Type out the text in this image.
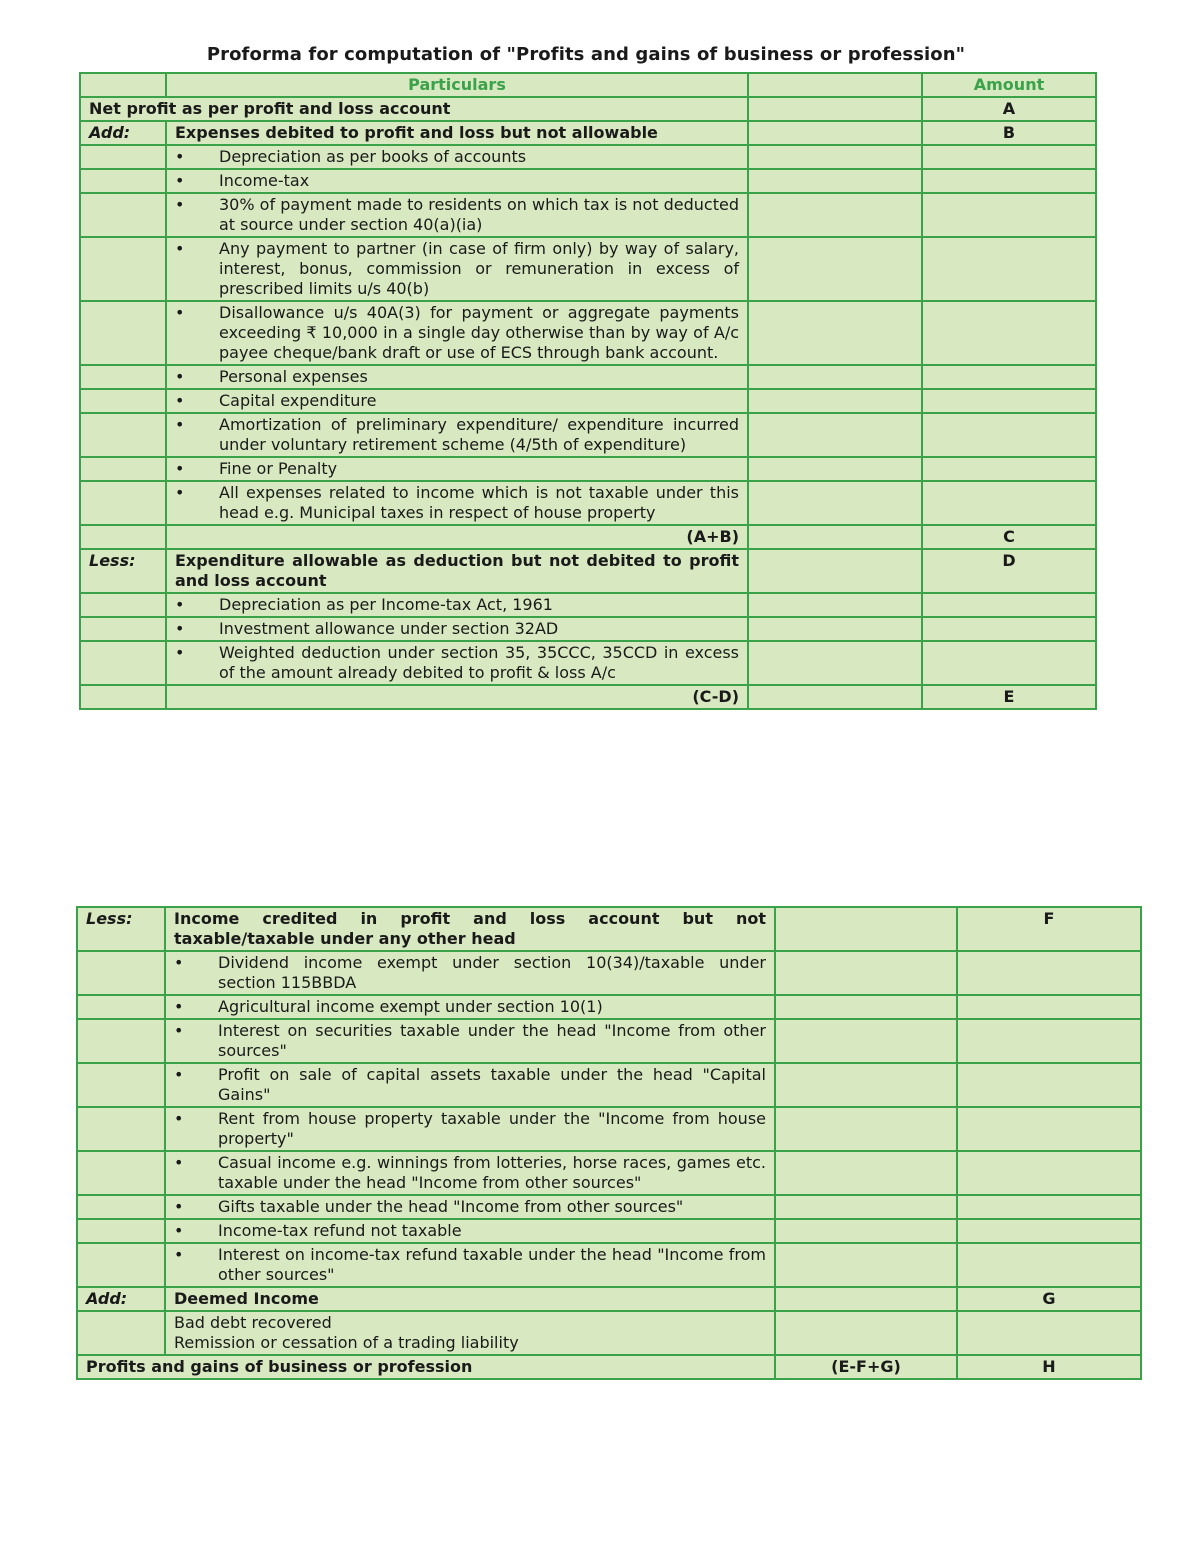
Proforma for computation of "Profits and gains of business or profession"
	Particulars		Amount
Net profit as per profit and loss account			A
Add:	Expenses debited to profit and loss but not allowable		B

	• Depreciation as per books of accounts		

	• Income-tax		

	• 30% of payment made to residents on which tax is not deducted at source under section 40(a)(ia)		

	• Any payment to partner (in case of firm only) by way of salary, interest, bonus, commission or remuneration in excess of prescribed limits u/s 40(b)		

	• Disallowance u/s 40A(3) for payment or aggregate payments exceeding ₹ 10,000 in a single day otherwise than by way of A/c payee cheque/bank draft or use of ECS through bank account.		

	• Personal expenses		

	• Capital expenditure		

	• Amortization of preliminary expenditure/ expenditure incurred under voluntary retirement scheme (4/5th of expenditure)		

	• Fine or Penalty		

	• All expenses related to income which is not taxable under this head e.g. Municipal taxes in respect of house property		

	(A+B)		C
Less:	Expenditure allowable as deduction but not debited to profit and loss account		D

	• Depreciation as per Income-tax Act, 1961		

	• Investment allowance under section 32AD		

	• Weighted deduction under section 35, 35CCC, 35CCD in excess of the amount already debited to profit & loss A/c		

	(C-D)		E
Less:	Income credited in profit and loss account but not taxable/taxable under any other head		F

	• Dividend income exempt under section 10(34)/taxable under section 115BBDA		

	• Agricultural income exempt under section 10(1)		

	• Interest on securities taxable under the head "Income from other sources"		

	• Profit on sale of capital assets taxable under the head "Capital Gains"		

	• Rent from house property taxable under the "Income from house property"		

	• Casual income e.g. winnings from lotteries, horse races, games etc. taxable under the head "Income from other sources"		

	• Gifts taxable under the head "Income from other sources"		

	• Income-tax refund not taxable		

	• Interest on income-tax refund taxable under the head "Income from other sources"		

Add:	Deemed Income		G

	Bad debt recovered
Remission or cessation of a trading liability		

Profits and gains of business or profession		(E-F+G)	H
